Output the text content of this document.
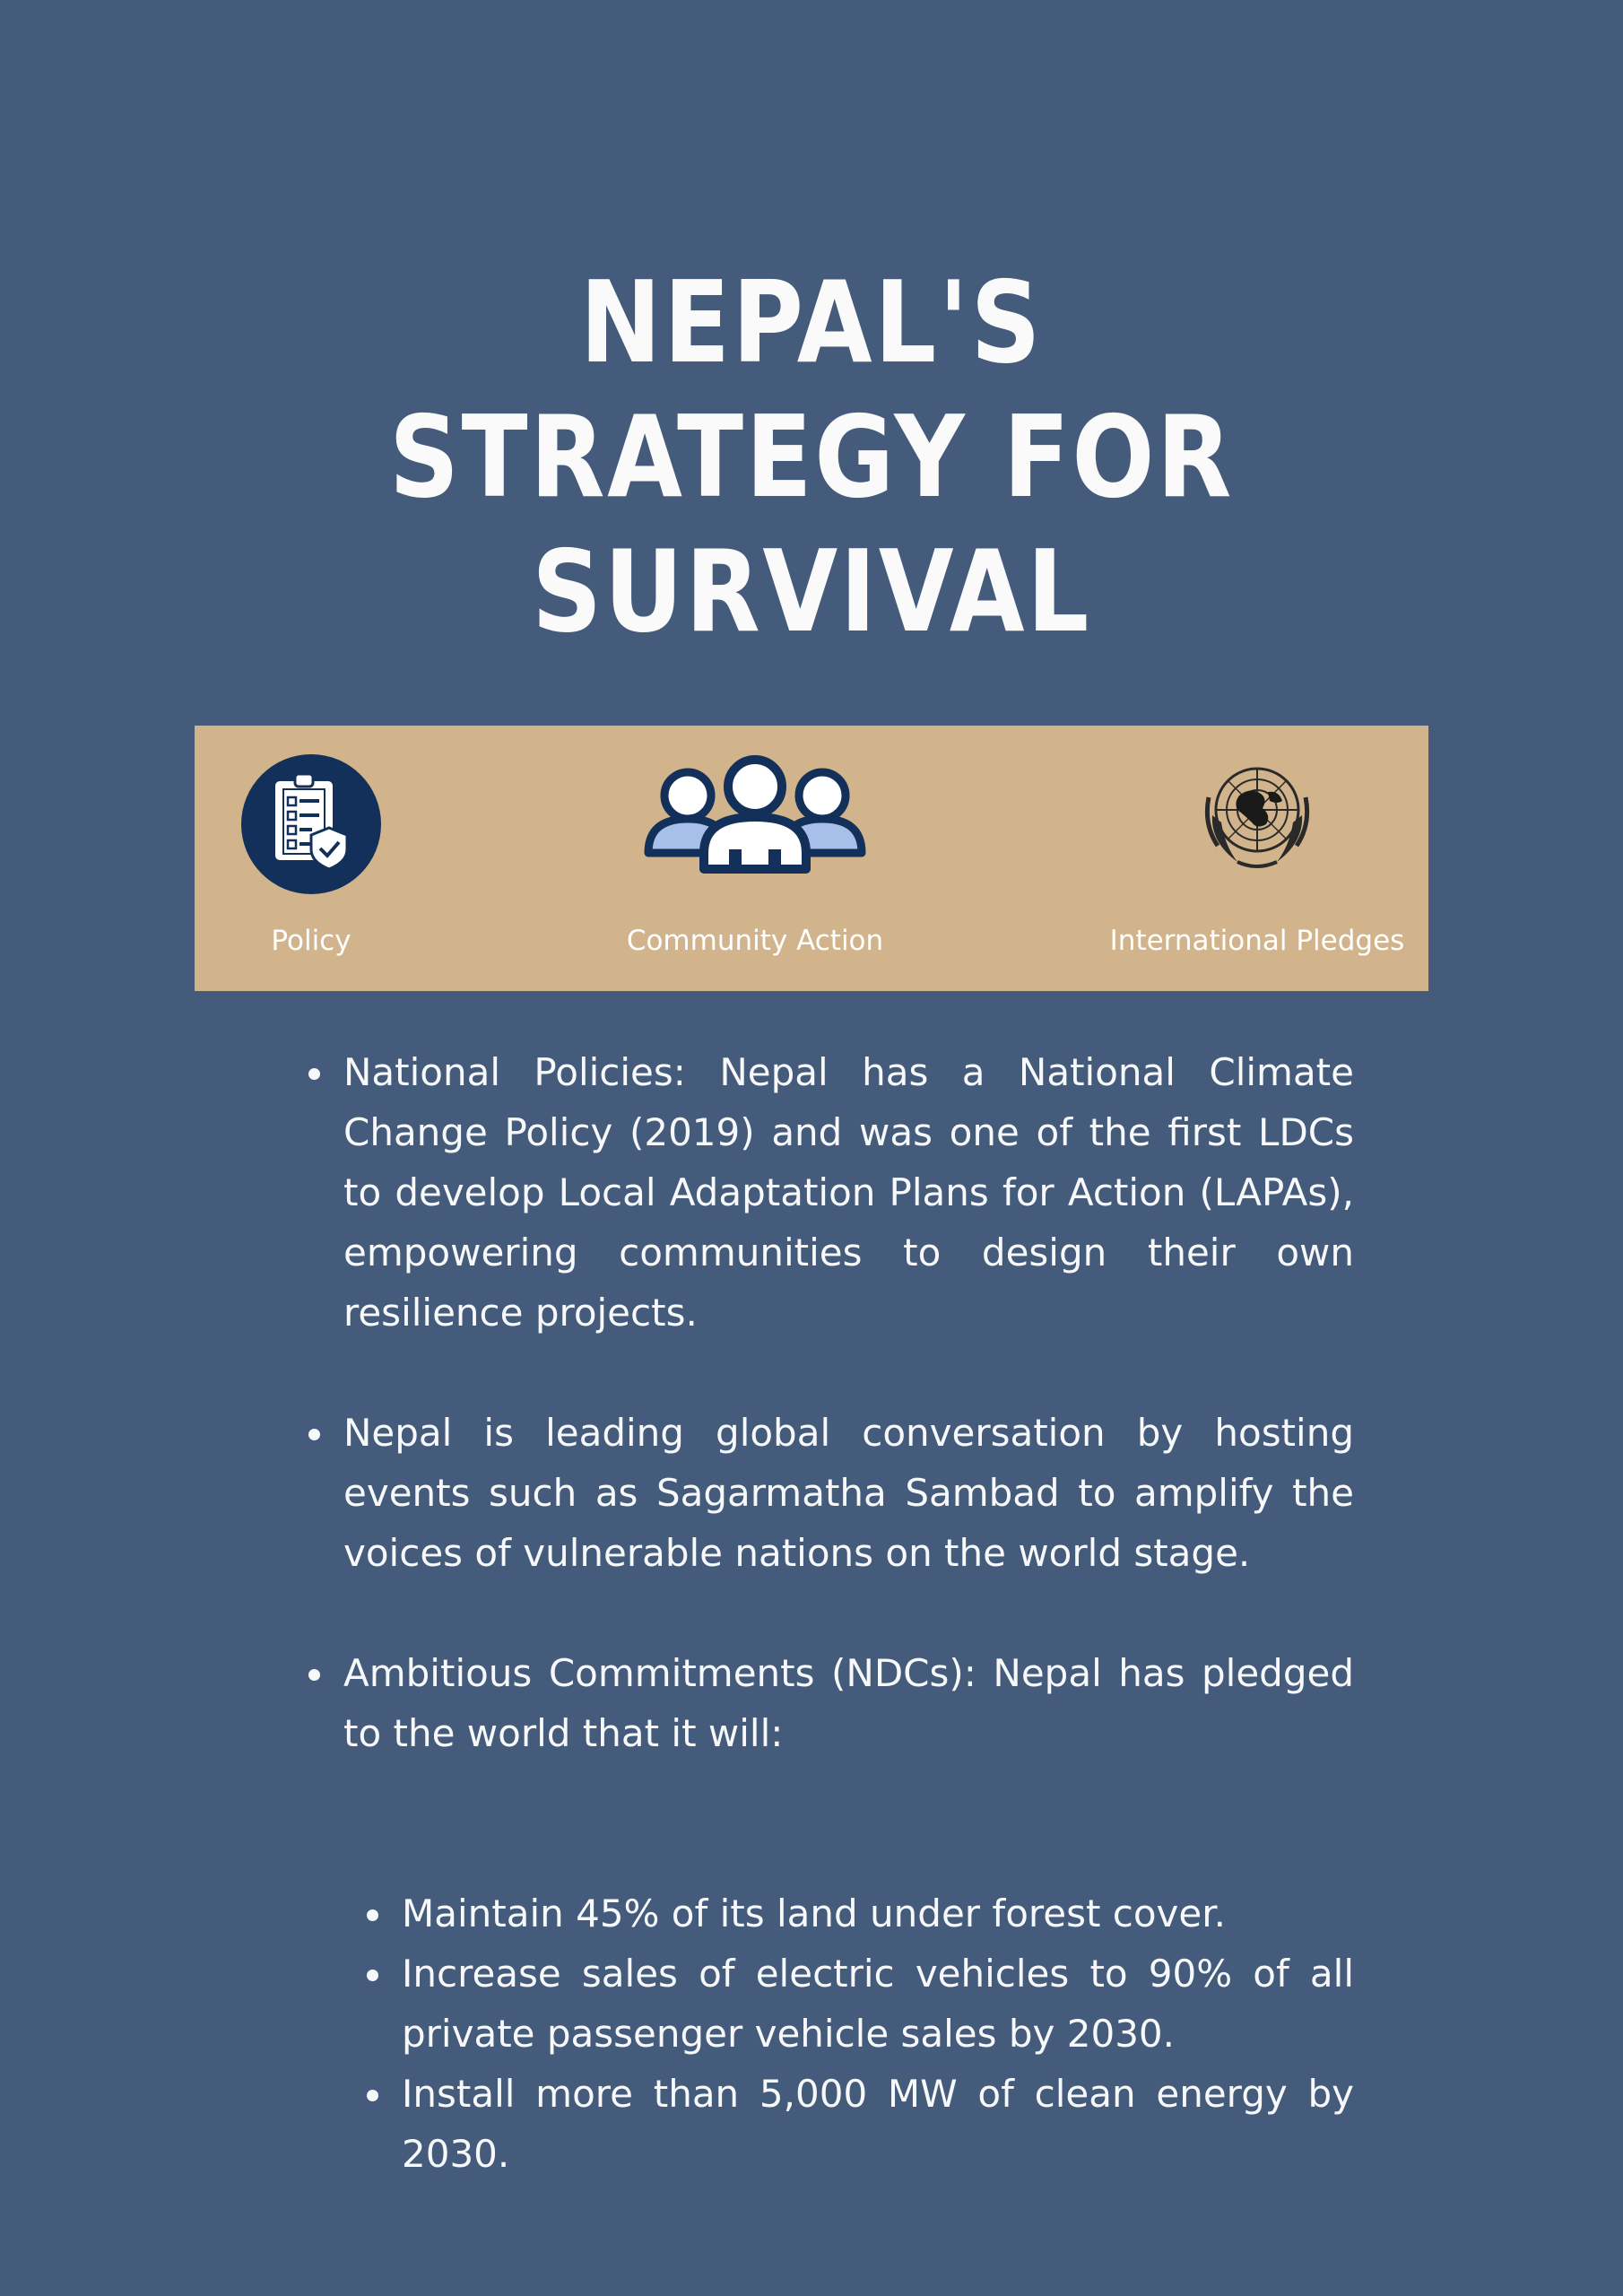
NEPAL'S
STRATEGY FOR
SURVIVAL
Policy	Community Action	International Pledges
National Policies: Nepal has a National Climate Change Policy (2019) and was one of the first LDCs to develop Local Adaptation Plans for Action (LAPAs), empowering communities to design their own resilience projects.
Nepal is leading global conversation by hosting events such as Sagarmatha Sambad to amplify the voices of vulnerable nations on the world stage.
Ambitious Commitments (NDCs): Nepal has pledged to the world that it will:
Maintain 45% of its land under forest cover.
Increase sales of electric vehicles to 90% of all private passenger vehicle sales by 2030.
Install more than 5,000 MW of clean energy by 2030.
